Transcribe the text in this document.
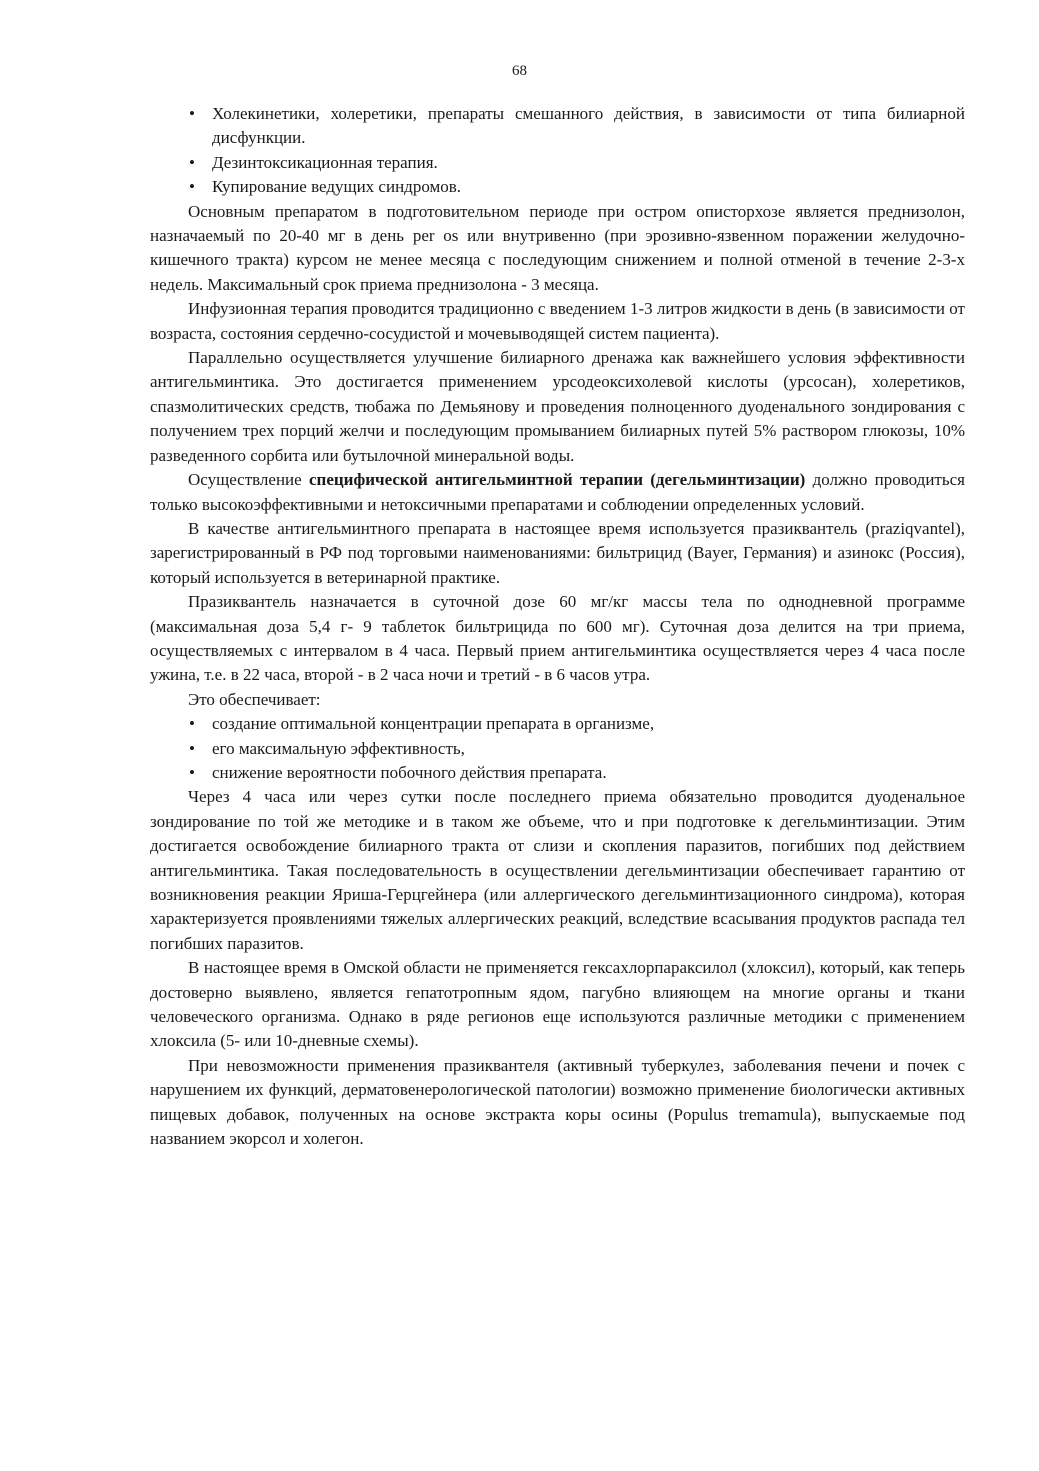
68
• Холекинетики, холеретики, препараты смешанного действия, в зависимости от типа билиарной дисфункции.
• Дезинтоксикационная терапия.
• Купирование ведущих синдромов.

Основным препаратом в подготовительном периоде при остром описторхозе является преднизолон, назначаемый по 20-40 мг в день per os или внутривенно (при эрозивно-язвенном поражении желудочно-кишечного тракта) курсом не менее месяца с последующим снижением и полной отменой в течение 2-3-х недель. Максимальный срок приема преднизолона - 3 месяца.

Инфузионная терапия проводится традиционно с введением 1-3 литров жидкости в день (в зависимости от возраста, состояния сердечно-сосудистой и мочевыводящей систем пациента).

Параллельно осуществляется улучшение билиарного дренажа как важнейшего условия эффективности антигельминтика. Это достигается применением урсодеоксихолевой кислоты (урсосан), холеретиков, спазмолитических средств, тюбажа по Демьянову и проведения полноценного дуоденального зондирования с получением трех порций желчи и последующим промыванием билиарных путей 5% раствором глюкозы, 10% разведенного сорбита или бутылочной минеральной воды.

Осуществление специфической антигельминтной терапии (дегельминтизации) должно проводиться только высокоэффективными и нетоксичными препаратами и соблюдении определенных условий.

В качестве антигельминтного препарата в настоящее время используется празиквантель (praziqvantel), зарегистрированный в РФ под торговыми наименованиями: бильтрицид (Bayer, Германия) и азинокс (Россия), который используется в ветеринарной практике.

Празиквантель назначается в суточной дозе 60 мг/кг массы тела по однодневной программе (максимальная доза 5,4 г- 9 таблеток бильтрицида по 600 мг). Суточная доза делится на три приема, осуществляемых с интервалом в 4 часа. Первый прием антигельминтика осуществляется через 4 часа после ужина, т.е. в 22 часа, второй - в 2 часа ночи и третий - в 6 часов утра.

Это обеспечивает:

• создание оптимальной концентрации препарата в организме,
• его максимальную эффективность,
• снижение вероятности побочного действия препарата.

Через 4 часа или через сутки после последнего приема обязательно проводится дуоденальное зондирование по той же методике и в таком же объеме, что и при подготовке к дегельминтизации. Этим достигается освобождение билиарного тракта от слизи и скопления паразитов, погибших под действием антигельминтика. Такая последовательность в осуществлении дегельминтизации обеспечивает гарантию от возникновения реакции Яриша-Герцгейнера (или аллергического дегельминтизационного синдрома), которая характеризуется проявлениями тяжелых аллергических реакций, вследствие всасывания продуктов распада тел погибших паразитов.

В настоящее время в Омской области не применяется гексахлорпараксилол (хлоксил), который, как теперь достоверно выявлено, является гепатотропным ядом, пагубно влияющем на многие органы и ткани человеческого организма. Однако в ряде регионов еще используются различные методики с применением хлоксила (5- или 10-дневные схемы).

При невозможности применения празиквантеля (активный туберкулез, заболевания печени и почек с нарушением их функций, дерматовенерологической патологии) возможно применение биологически активных пищевых добавок, полученных на основе экстракта коры осины (Populus tremamula), выпускаемые под названием экорсол и холегон.
